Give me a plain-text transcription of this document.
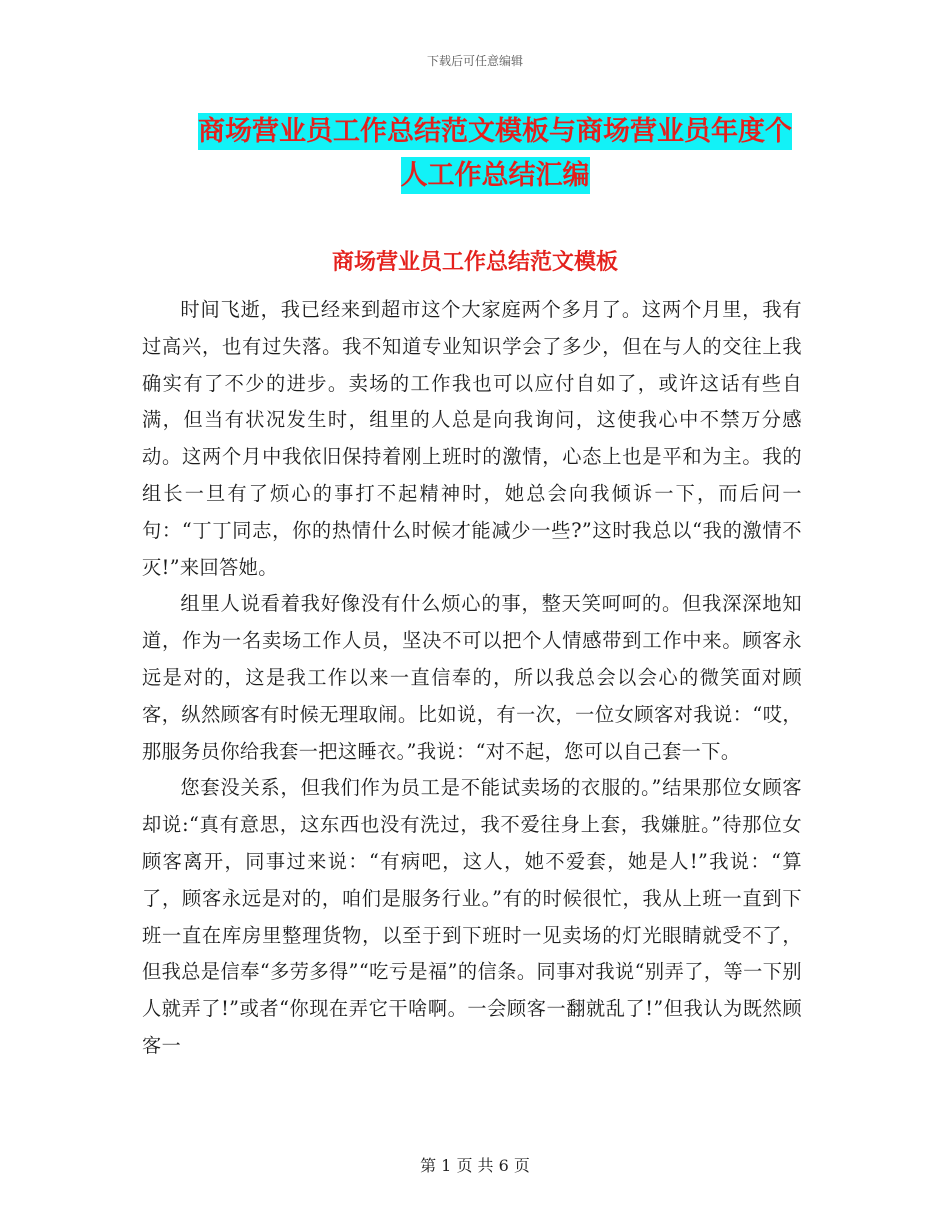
下载后可任意编辑
商场营业员工作总结范文模板与商场营业员年度个人工作总结汇编
商场营业员工作总结范文模板

时间飞逝，我已经来到超市这个大家庭两个多月了。这两个月里，我有过高兴，也有过失落。我不知道专业知识学会了多少，但在与人的交往上我确实有了不少的进步。卖场的工作我也可以应付自如了，或许这话有些自满，但当有状况发生时，组里的人总是向我询问，这使我心中不禁万分感动。这两个月中我依旧保持着刚上班时的激情，心态上也是平和为主。我的组长一旦有了烦心的事打不起精神时，她总会向我倾诉一下，而后问一句：“丁丁同志，你的热情什么时候才能减少一些?”这时我总以“我的激情不灭!”来回答她。

组里人说看着我好像没有什么烦心的事，整天笑呵呵的。但我深深地知道，作为一名卖场工作人员，坚决不可以把个人情感带到工作中来。顾客永远是对的，这是我工作以来一直信奉的，所以我总会以会心的微笑面对顾客，纵然顾客有时候无理取闹。比如说，有一次，一位女顾客对我说：“哎，那服务员你给我套一把这睡衣。”我说：“对不起，您可以自己套一下。

您套没关系，但我们作为员工是不能试卖场的衣服的。”结果那位女顾客却说:“真有意思，这东西也没有洗过，我不爱往身上套，我嫌脏。”待那位女顾客离开，同事过来说：“有病吧，这人，她不爱套，她是人!”我说：“算了，顾客永远是对的，咱们是服务行业。”有的时候很忙，我从上班一直到下班一直在库房里整理货物，以至于到下班时一见卖场的灯光眼睛就受不了，但我总是信奉“多劳多得”“吃亏是福”的信条。同事对我说“别弄了，等一下别人就弄了!”或者“你现在弄它干啥啊。一会顾客一翻就乱了!”但我认为既然顾客一

第 1 页 共 6 页
